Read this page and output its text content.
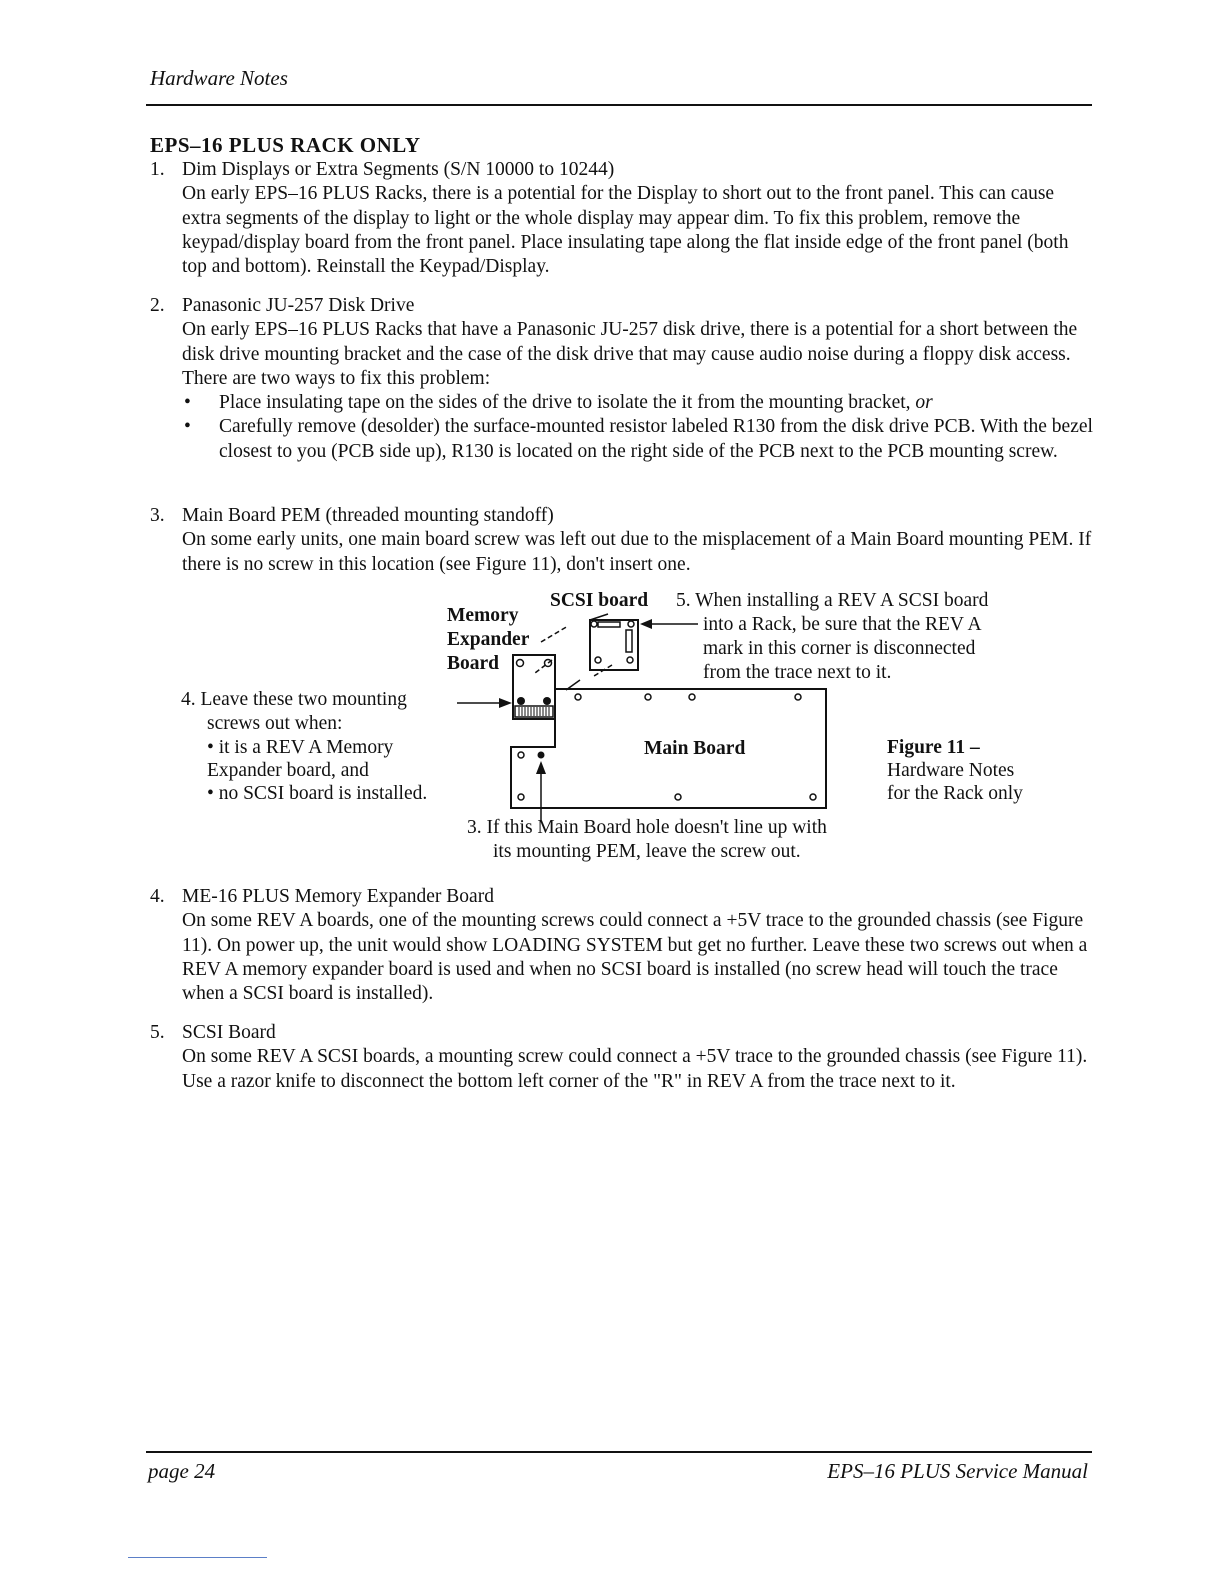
Hardware Notes
EPS–16 PLUS RACK ONLY
1. Dim Displays or Extra Segments (S/N 10000 to 10244)
On early EPS–16 PLUS Racks, there is a potential for the Display to short out to the front panel. This can cause extra segments of the display to light or the whole display may appear dim. To fix this problem, remove the keypad/display board from the front panel. Place insulating tape along the flat inside edge of the front panel (both top and bottom). Reinstall the Keypad/Display.
2. Panasonic JU-257 Disk Drive
On early EPS–16 PLUS Racks that have a Panasonic JU-257 disk drive, there is a potential for a short between the disk drive mounting bracket and the case of the disk drive that may cause audio noise during a floppy disk access. There are two ways to fix this problem:
• Place insulating tape on the sides of the drive to isolate the it from the mounting bracket, or
• Carefully remove (desolder) the surface-mounted resistor labeled R130 from the disk drive PCB. With the bezel closest to you (PCB side up), R130 is located on the right side of the PCB next to the PCB mounting screw.
3. Main Board PEM (threaded mounting standoff)
On some early units, one main board screw was left out due to the misplacement of a Main Board mounting PEM. If there is no screw in this location (see Figure 11), don't insert one.
Memory
Expander
Board
SCSI board 5. When installing a REV A SCSI board
into a Rack, be sure that the REV A
mark in this corner is disconnected
from the trace next to it.
4. Leave these two mounting
screws out when:
• it is a REV A Memory
Expander board, and
• no SCSI board is installed.
Main Board	Figure 11 –
Hardware Notes
for the Rack only
3. If this Main Board hole doesn't line up with
its mounting PEM, leave the screw out.
4. ME-16 PLUS Memory Expander Board
On some REV A boards, one of the mounting screws could connect a +5V trace to the grounded chassis (see Figure 11). On power up, the unit would show LOADING SYSTEM but get no further. Leave these two screws out when a REV A memory expander board is used and when no SCSI board is installed (no screw head will touch the trace when a SCSI board is installed).
5. SCSI Board
On some REV A SCSI boards, a mounting screw could connect a +5V trace to the grounded chassis (see Figure 11). Use a razor knife to disconnect the bottom left corner of the "R" in REV A from the trace next to it.
page 24	EPS–16 PLUS Service Manual
